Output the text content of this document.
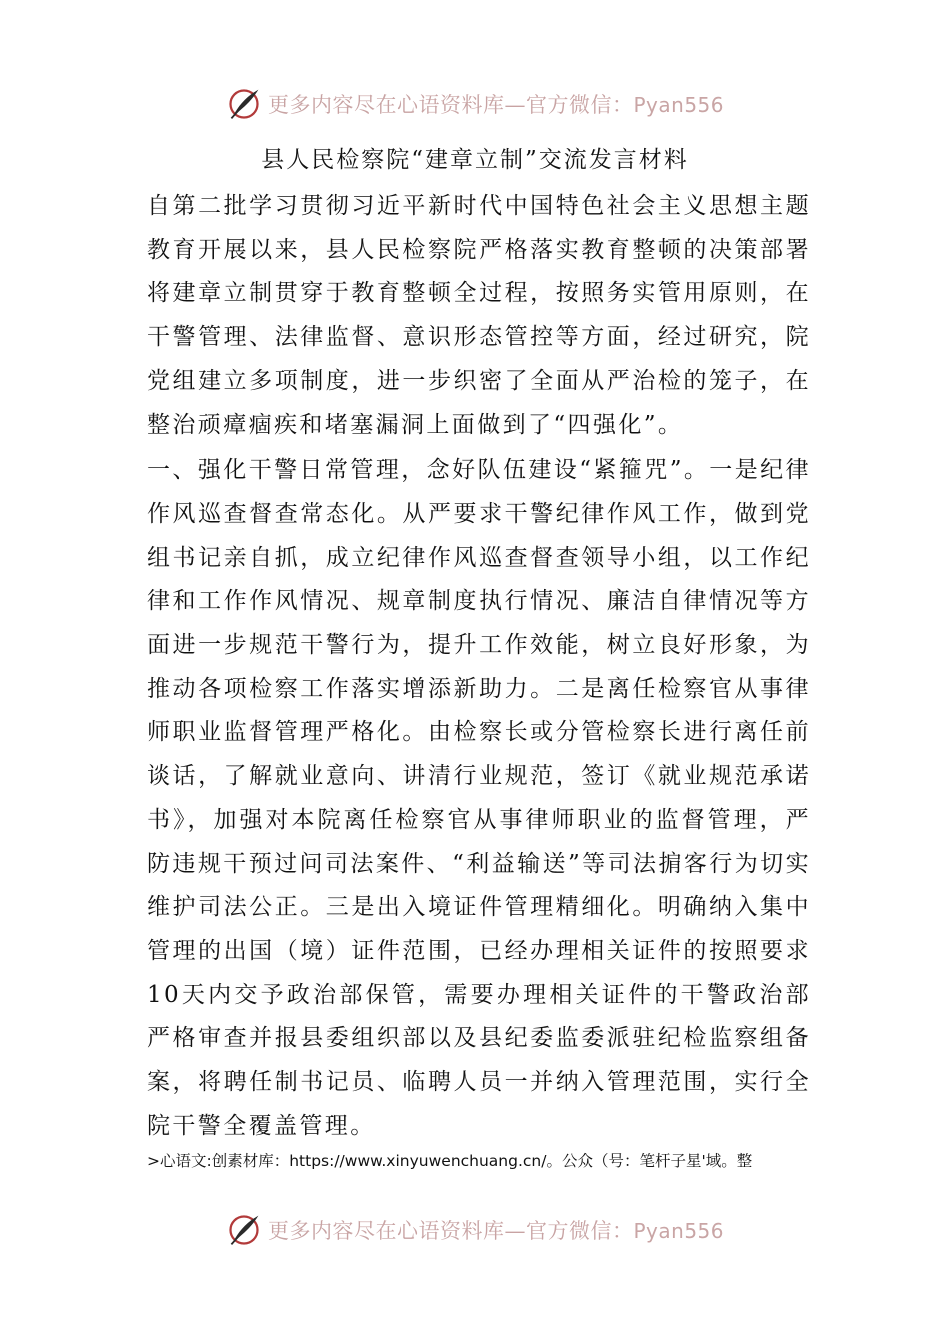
更多内容尽在心语资料库—官方微信：Pyan556
县人民检察院“建章立制”交流发言材料

自第二批学习贯彻习近平新时代中国特色社会主义思想主题教育开展以来，县人民检察院严格落实教育整顿的决策部署将建章立制贯穿于教育整顿全过程，按照务实管用原则，在干警管理、法律监督、意识形态管控等方面，经过研究，院党组建立多项制度，进一步织密了全面从严治检的笼子，在整治顽瘴痼疾和堵塞漏洞上面做到了“四强化”。

一、强化干警日常管理，念好队伍建设“紧箍咒”。一是纪律作风巡查督查常态化。从严要求干警纪律作风工作，做到党组书记亲自抓，成立纪律作风巡查督查领导小组，以工作纪律和工作作风情况、规章制度执行情况、廉洁自律情况等方面进一步规范干警行为，提升工作效能，树立良好形象，为推动各项检察工作落实增添新助力。二是离任检察官从事律师职业监督管理严格化。由检察长或分管检察长进行离任前谈话，了解就业意向、讲清行业规范，签订《就业规范承诺书》，加强对本院离任检察官从事律师职业的监督管理，严防违规干预过问司法案件、“利益输送”等司法掮客行为切实维护司法公正。三是出入境证件管理精细化。明确纳入集中管理的出国（境）证件范围，已经办理相关证件的按照要求10天内交予政治部保管，需要办理相关证件的干警政治部严格审查并报县委组织部以及县纪委监委派驻纪检监察组备案，将聘任制书记员、临聘人员一并纳入管理范围，实行全院干警全覆盖管理。

>心语文:创素材库：https://www.xinyuwenchuang.cn/。公众（号：笔杆子星'域。整
更多内容尽在心语资料库—官方微信：Pyan556
